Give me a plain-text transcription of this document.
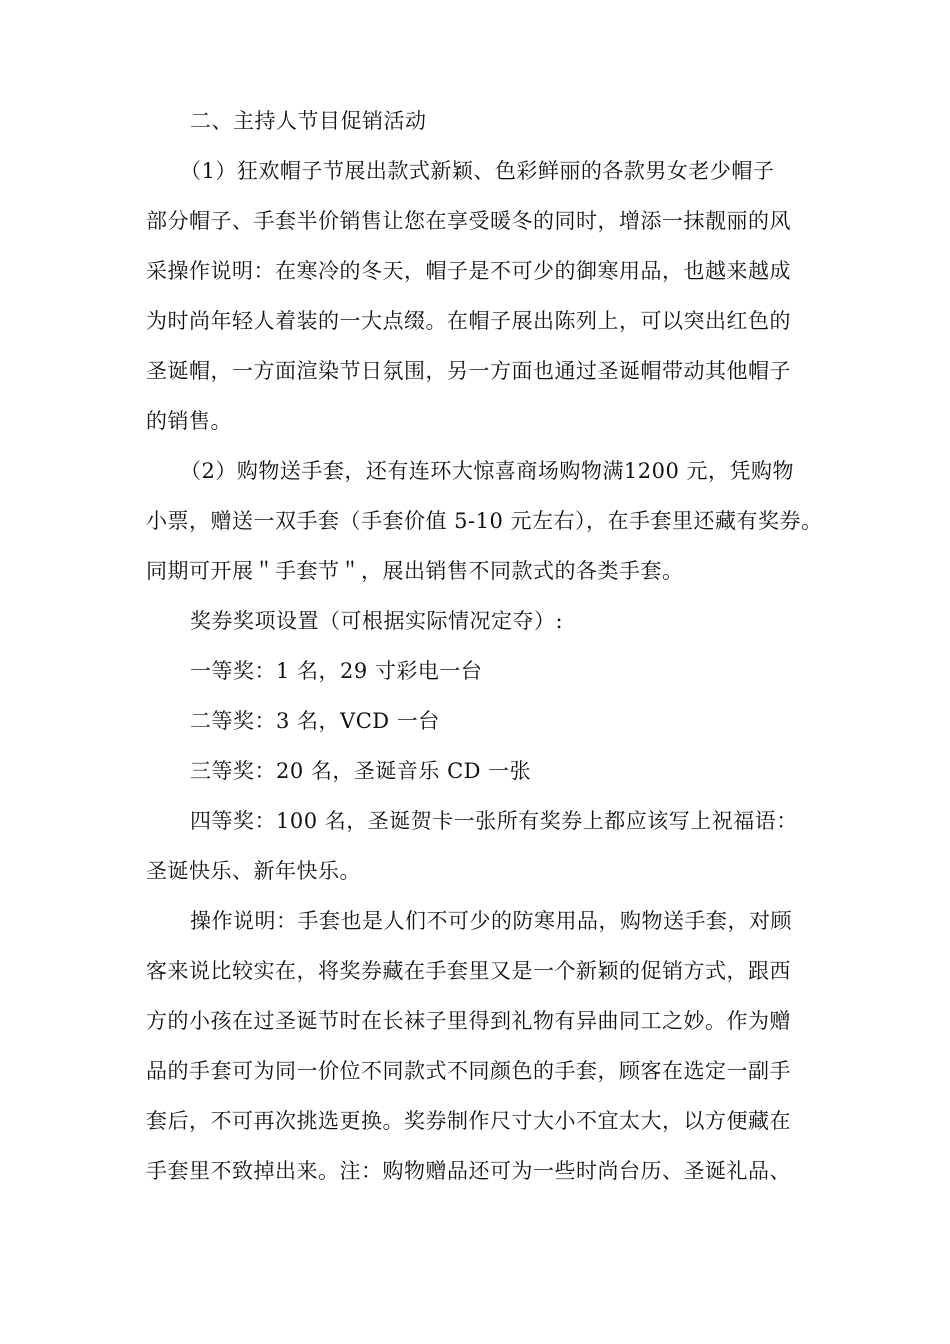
二、主持人节目促销活动
（1）狂欢帽子节展出款式新颖、色彩鲜丽的各款男女老少帽子
部分帽子、手套半价销售让您在享受暖冬的同时，增添一抹靓丽的风
采操作说明：在寒冷的冬天，帽子是不可少的御寒用品，也越来越成
为时尚年轻人着装的一大点缀。在帽子展出陈列上，可以突出红色的
圣诞帽，一方面渲染节日氛围，另一方面也通过圣诞帽带动其他帽子
的销售。
（2）购物送手套，还有连环大惊喜商场购物满1200 元，凭购物
小票，赠送一双手套（手套价值 5-10 元左右），在手套里还藏有奖券。
同期可开展＂手套节＂，展出销售不同款式的各类手套。
奖券奖项设置（可根据实际情况定夺）:
一等奖：1 名，29 寸彩电一台
二等奖：3 名，VCD 一台
三等奖：20 名，圣诞音乐 CD 一张
四等奖：100 名，圣诞贺卡一张所有奖券上都应该写上祝福语：
圣诞快乐、新年快乐。
操作说明：手套也是人们不可少的防寒用品，购物送手套，对顾
客来说比较实在，将奖券藏在手套里又是一个新颖的促销方式，跟西
方的小孩在过圣诞节时在长袜子里得到礼物有异曲同工之妙。作为赠
品的手套可为同一价位不同款式不同颜色的手套，顾客在选定一副手
套后，不可再次挑选更换。奖券制作尺寸大小不宜太大，以方便藏在
手套里不致掉出来。注：购物赠品还可为一些时尚台历、圣诞礼品、
